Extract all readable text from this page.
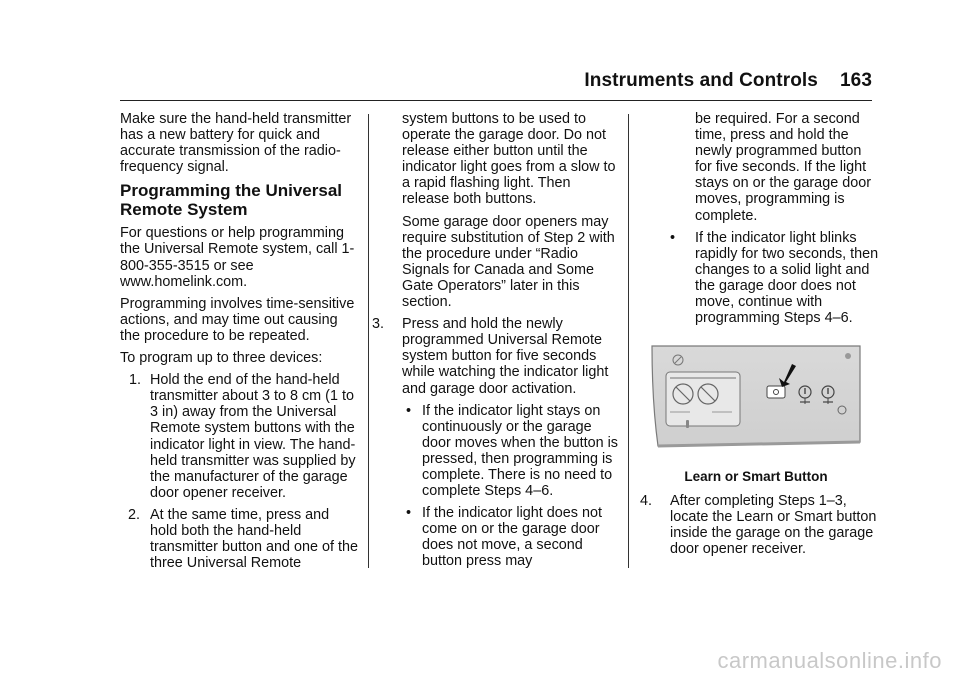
Instruments and Controls 163

Make sure the hand-held transmitter has a new battery for quick and accurate transmission of the radio-frequency signal.

Programming the Universal Remote System

For questions or help programming the Universal Remote system, call 1-800-355-3515 or see www.homelink.com.

Programming involves time-sensitive actions, and may time out causing the procedure to be repeated.

To program up to three devices:

1. Hold the end of the hand-held transmitter about 3 to 8 cm (1 to 3 in) away from the Universal Remote system buttons with the indicator light in view. The hand-held transmitter was supplied by the manufacturer of the garage door opener receiver.
2. At the same time, press and hold both the hand-held transmitter button and one of the three Universal Remote

system buttons to be used to operate the garage door. Do not release either button until the indicator light goes from a slow to a rapid flashing light. Then release both buttons.

Some garage door openers may require substitution of Step 2 with the procedure under “Radio Signals for Canada and Some Gate Operators” later in this section.

3.	Press and hold the newly programmed Universal Remote system button for five seconds while watching the indicator light and garage door activation.
• If the indicator light stays on continuously or the garage door moves when the button is pressed, then programming is complete. There is no need to complete Steps 4–6.
• If the indicator light does not come on or the garage door does not move, a second button press may

be required. For a second time, press and hold the newly programmed button for five seconds. If the light stays on or the garage door moves, programming is complete.

•	If the indicator light blinks rapidly for two seconds, then changes to a solid light and the garage door does not move, continue with programming Steps 4–6.
Learn or Smart Button
4.	After completing Steps 1–3, locate the Learn or Smart button inside the garage on the garage door opener receiver.
carmanualsonline.info
